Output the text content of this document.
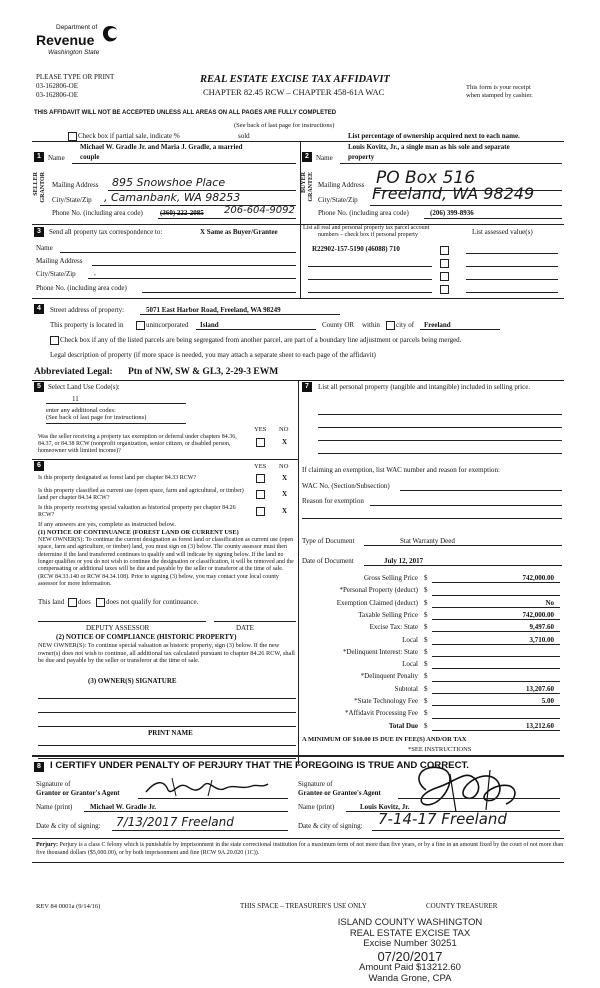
Department of
Revenue
Washington State
PLEASE TYPE OR PRINT
03-162806-OE
03-162806-OE
REAL ESTATE EXCISE TAX AFFIDAVIT
CHAPTER 82.45 RCW – CHAPTER 458-61A WAC	This form is your receipt
when stamped by cashier.
THIS AFFIDAVIT WILL NOT BE ACCEPTED UNLESS ALL AREAS ON ALL PAGES ARE FULLY COMPLETED
(See back of last page for instructions)
Check box if partial sale, indicate %	sold	List percentage of ownership acquired next to each name.
1	2
Michael W. Gradle Jr. and Maria J. Gradle, a married
Name couple
SELLER GRANTOR Mailing Address 895 Snowshoe Place
City/State/Zip , Camanbank, WA 98253
Phone No. (including area code) (360) 222-2085 206-604-9092
Louis Kovitz, Jr., a single man as his sole and separate
Name property
BUYER GRANTEE Mailing Address PO Box 516
City/State/Zip Freeland, WA 98249
Phone No. (including area code)	(206) 399-8936
3	Send all property tax correspondence to:	X Same as Buyer/Grantee
Name
Mailing Address
City/State/Zip	,
Phone No. (including area code)
List all real and personal property tax parcel account
numbers – check box if personal property	List assessed value(s)
R22902-157-5190 (46088) 710
4	Street address of property:	5071 East Harbor Road, Freeland, WA 98249
This property is located in	unincorporated Island	County OR within city of Freeland
Check box if any of the listed parcels are being segregated from another parcel, are part of a boundary line adjustment or parcels being merged.
Legal description of property (if more space is needed, you may attach a separate sheet to each page of the affidavit)
Abbreviated Legal: Ptn of NW, SW & GL3, 2-29-3 EWM
5	Select Land Use Code(s):
11
enter any additional codes:
(See back of last page for instructions)
YES NO
Was the seller receiving a property tax exemption or deferral under chapters 84.36, 84.37, or 84.38 RCW (nonprofit organization, senior citizen, or disabled person, homeowner with limited income)?
X
6	YES NO
Is this property designated as forest land per chapter 84.33 RCW?	X
Is this property classified as current use (open space, farm and agricultural, or timber) land per chapter 84.34 RCW?	X
Is this property receiving special valuation as historical property per chapter 84.26 RCW?	X
If any answers are yes, complete as instructed below.
(1) NOTICE OF CONTINUANCE (FOREST LAND OR CURRENT USE)
NEW OWNER(S): To continue the current designation as forest land or classification as current use (open space, farm and agriculture, or timber) land, you must sign on (3) below. The county assessor must then determine if the land transferred continues to qualify and will indicate by signing below. If the land no longer qualifies or you do not wish to continue the designation or classification, it will be removed and the compensating or additional taxes will be due and payable by the seller or transferor at the time of sale. (RCW 84.33.140 or RCW 84.34.108). Prior to signing (3) below, you may contact your local county assessor for more information.
This land does does not qualify for continuance.
DEPUTY ASSESSOR	DATE
(2) NOTICE OF COMPLIANCE (HISTORIC PROPERTY)
NEW OWNER(S): To continue special valuation as historic property, sign (3) below. If the new owner(s) does not wish to continue, all additional tax calculated pursuant to chapter 84.26 RCW, shall be due and payable by the seller or transferor at the time of sale.
(3) OWNER(S) SIGNATURE
PRINT NAME
7	List all personal property (tangible and intangible) included in selling price.
If claiming an exemption, list WAC number and reason for exemption:
WAC No. (Section/Subsection)
Reason for exemption
Type of Document	Stat Warranty Deed
Date of Document	July 12, 2017
Gross Selling Price $	742,000.00
*Personal Property (deduct) $
Exemption Claimed (deduct) $	No
Taxable Selling Price $	742,000.00
Excise Tax: State $	9,497.60
Local $	3,710.00
*Delinquent Interest: State $
Local $
*Delinquent Penalty $
Subtotal $	13,207.60
*State Technology Fee $	5.00
*Affidavit Processing Fee $
Total Due $	13,212.60
A MINIMUM OF $10.00 IS DUE IN FEE(S) AND/OR TAX
*SEE INSTRUCTIONS
8 I CERTIFY UNDER PENALTY OF PERJURY THAT THE FOREGOING IS TRUE AND CORRECT.
Signature of
Grantor or Grantor's Agent
Signature of
Grantee or Grantee's Agent
Name (print)	Michael W. Gradle Jr.	Name (print)	Louis Kovitz, Jr.
Date & city of signing: 7/13/2017 Freeland	Date & city of signing: 7-14-17 Freeland
Perjury: Perjury is a class C felony which is punishable by imprisonment in the state correctional institution for a maximum term of not more than five years, or by a fine in an amount fixed by the court of not more than five thousand dollars ($5,000.00), or by both imprisonment and fine (RCW 9A.20.020 (1C)).
REV 84 0001a (9/14/16)	THIS SPACE – TREASURER'S USE ONLY	COUNTY TREASURER
ISLAND COUNTY WASHINGTON
REAL ESTATE EXCISE TAX
Excise Number 30251
07/20/2017
Amount Paid $13212.60
Wanda Grone, CPA
